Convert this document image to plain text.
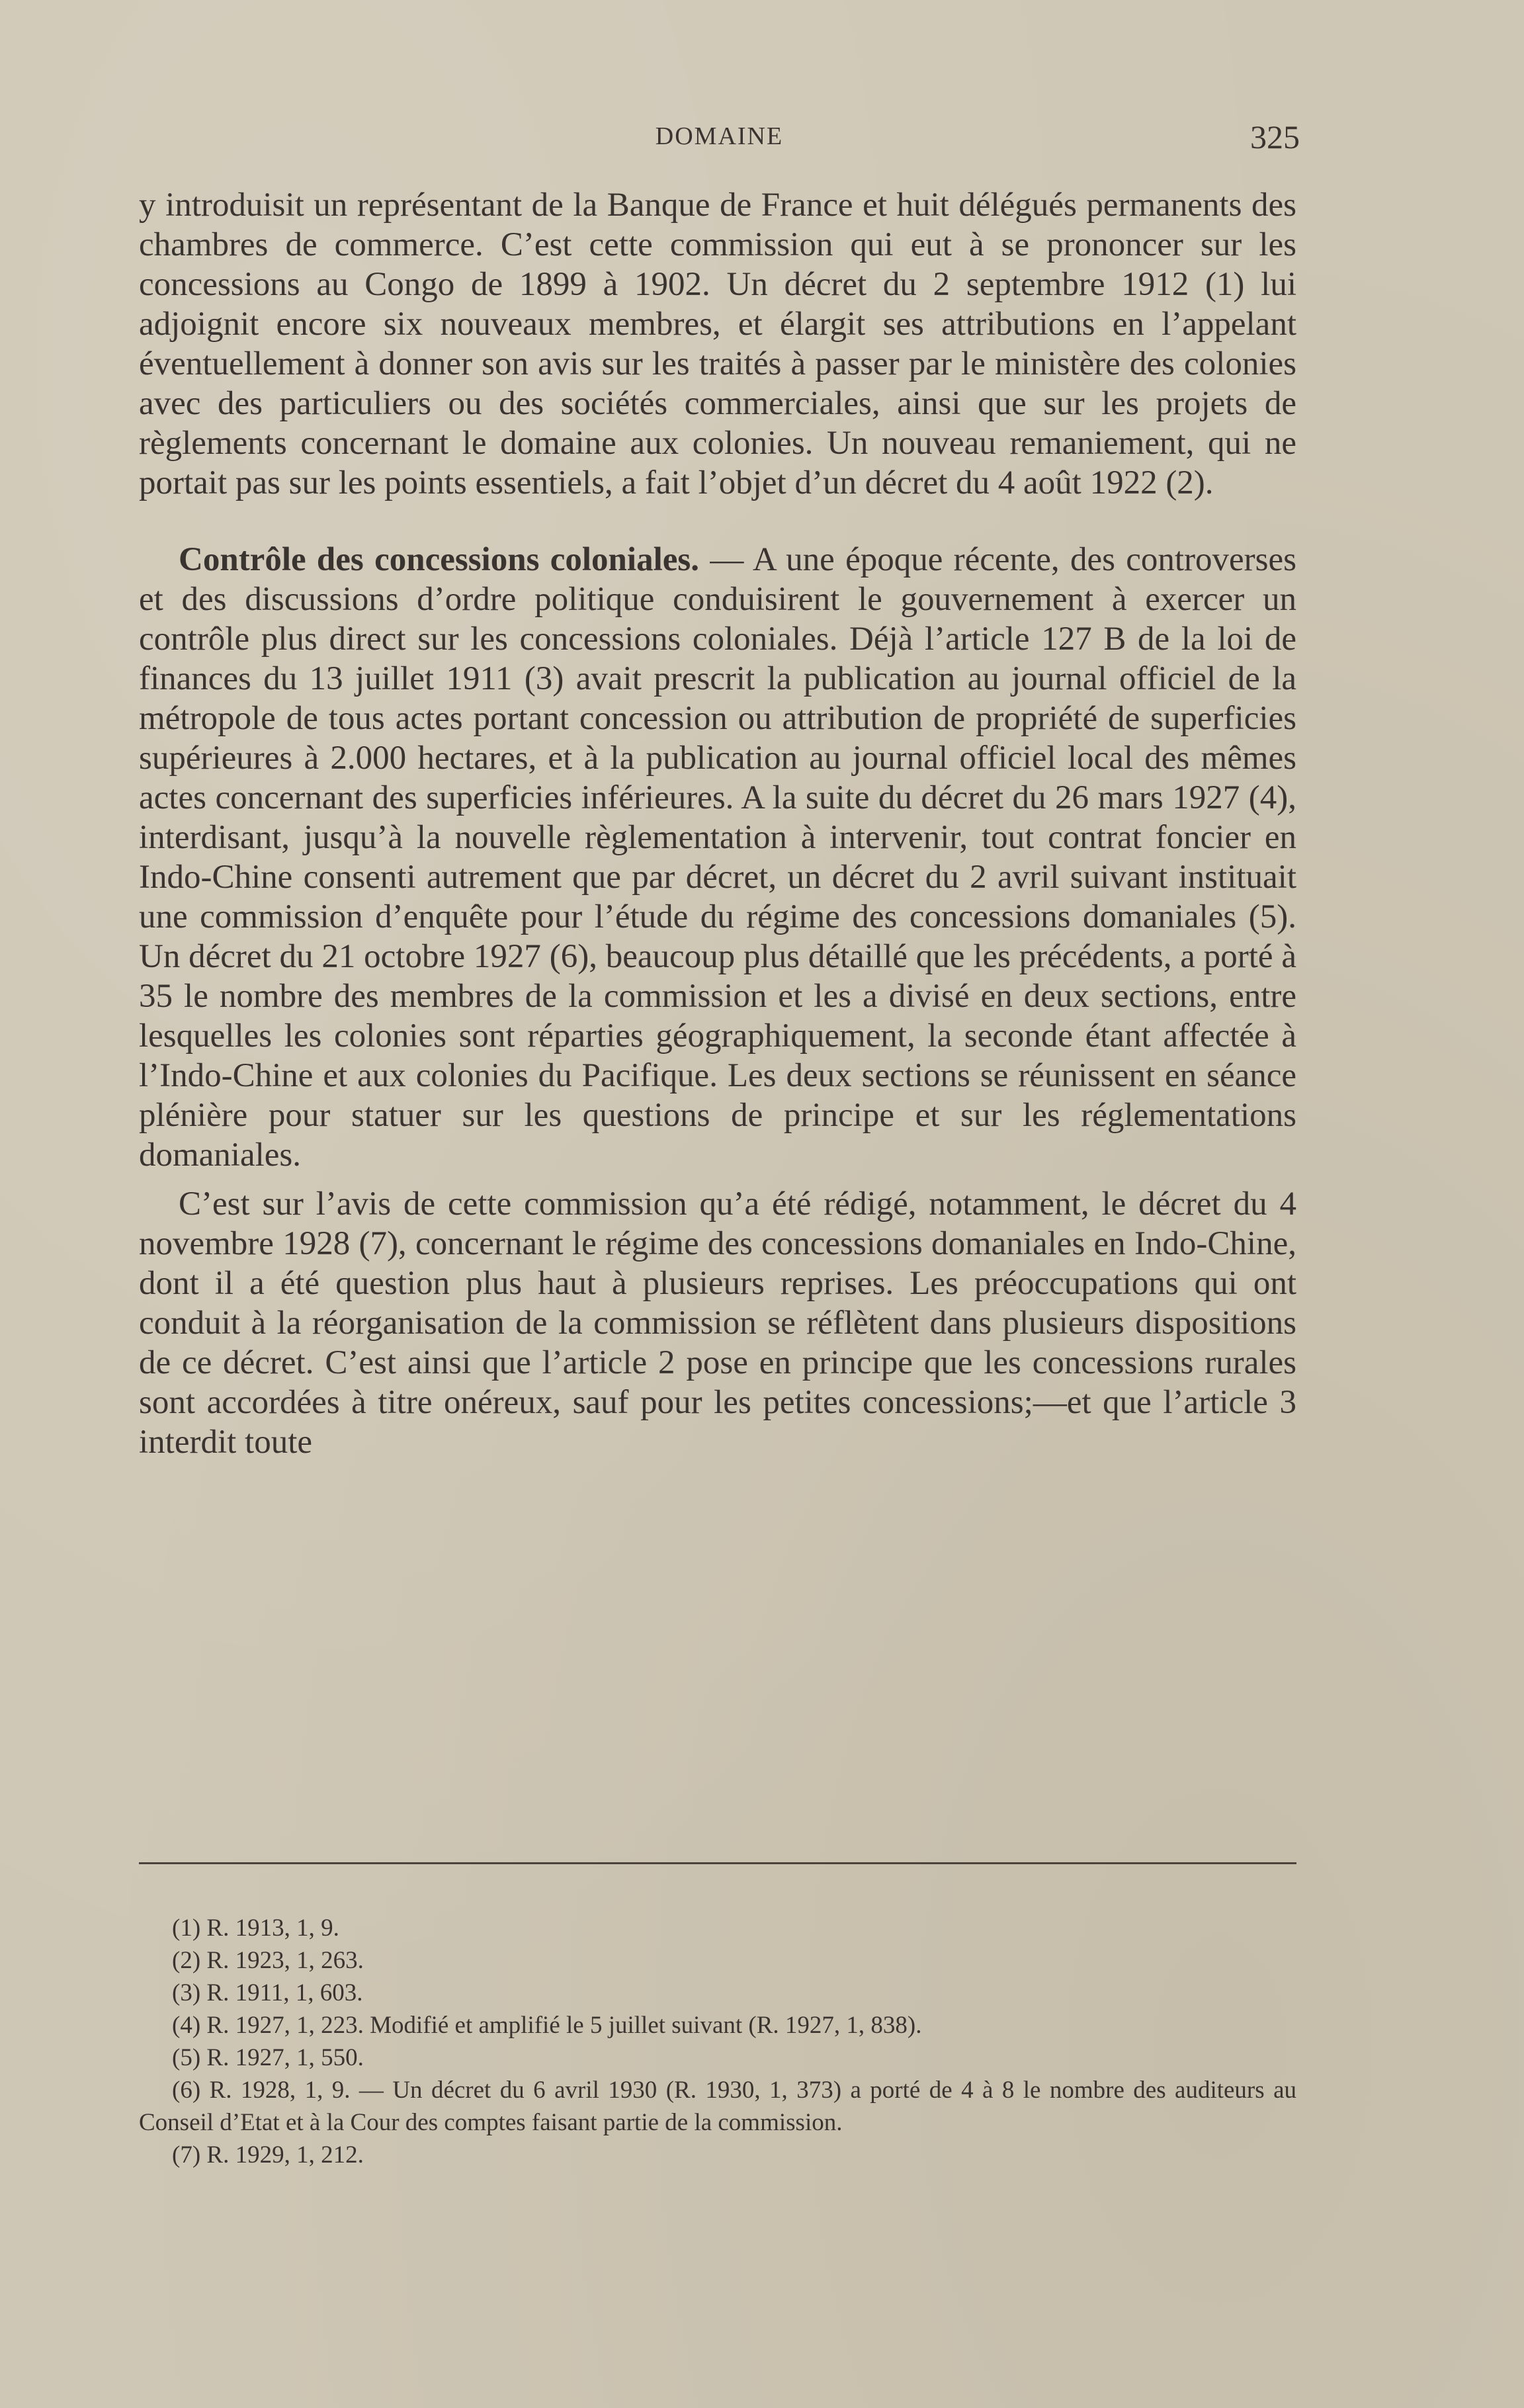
DOMAINE	325

y introduisit un représentant de la Banque de France et huit délégués permanents des chambres de commerce. C’est cette commission qui eut à se prononcer sur les concessions au Congo de 1899 à 1902. Un décret du 2 septembre 1912 (1) lui adjoignit encore six nouveaux membres, et élargit ses attributions en l’appelant éventuellement à donner son avis sur les traités à passer par le ministère des colonies avec des particuliers ou des sociétés commerciales, ainsi que sur les projets de règlements concernant le domaine aux colonies. Un nouveau remaniement, qui ne portait pas sur les points essentiels, a fait l’objet d’un décret du 4 août 1922 (2).

Contrôle des concessions coloniales. — A une époque récente, des controverses et des discussions d’ordre politique conduisirent le gouvernement à exercer un contrôle plus direct sur les concessions coloniales. Déjà l’article 127 B de la loi de finances du 13 juillet 1911 (3) avait prescrit la publication au journal officiel de la métropole de tous actes portant concession ou attribution de propriété de superficies supérieures à 2.000 hectares, et à la publication au journal officiel local des mêmes actes concernant des superficies inférieures. A la suite du décret du 26 mars 1927 (4), interdisant, jusqu’à la nouvelle règlementation à intervenir, tout contrat foncier en Indo-Chine consenti autrement que par décret, un décret du 2 avril suivant instituait une commission d’enquête pour l’étude du régime des concessions domaniales (5). Un décret du 21 octobre 1927 (6), beaucoup plus détaillé que les précédents, a porté à 35 le nombre des membres de la commission et les a divisé en deux sections, entre lesquelles les colonies sont réparties géographiquement, la seconde étant affectée à l’Indo-Chine et aux colonies du Pacifique. Les deux sections se réunissent en séance plénière pour statuer sur les questions de principe et sur les réglementations domaniales.

C’est sur l’avis de cette commission qu’a été rédigé, notamment, le décret du 4 novembre 1928 (7), concernant le régime des concessions domaniales en Indo-Chine, dont il a été question plus haut à plusieurs reprises. Les préoccupations qui ont conduit à la réorganisation de la commission se réflètent dans plusieurs dispositions de ce décret. C’est ainsi que l’article 2 pose en principe que les concessions rurales sont accordées à titre onéreux, sauf pour les petites concessions;—et que l’article 3 interdit toute

(1) R. 1913, 1, 9.

(2) R. 1923, 1, 263.

(3) R. 1911, 1, 603.

(4) R. 1927, 1, 223. Modifié et amplifié le 5 juillet suivant (R. 1927, 1, 838).

(5) R. 1927, 1, 550.

(6) R. 1928, 1, 9. — Un décret du 6 avril 1930 (R. 1930, 1, 373) a porté de 4 à 8 le nombre des auditeurs au Conseil d’Etat et à la Cour des comptes faisant partie de la commission.

(7) R. 1929, 1, 212.
